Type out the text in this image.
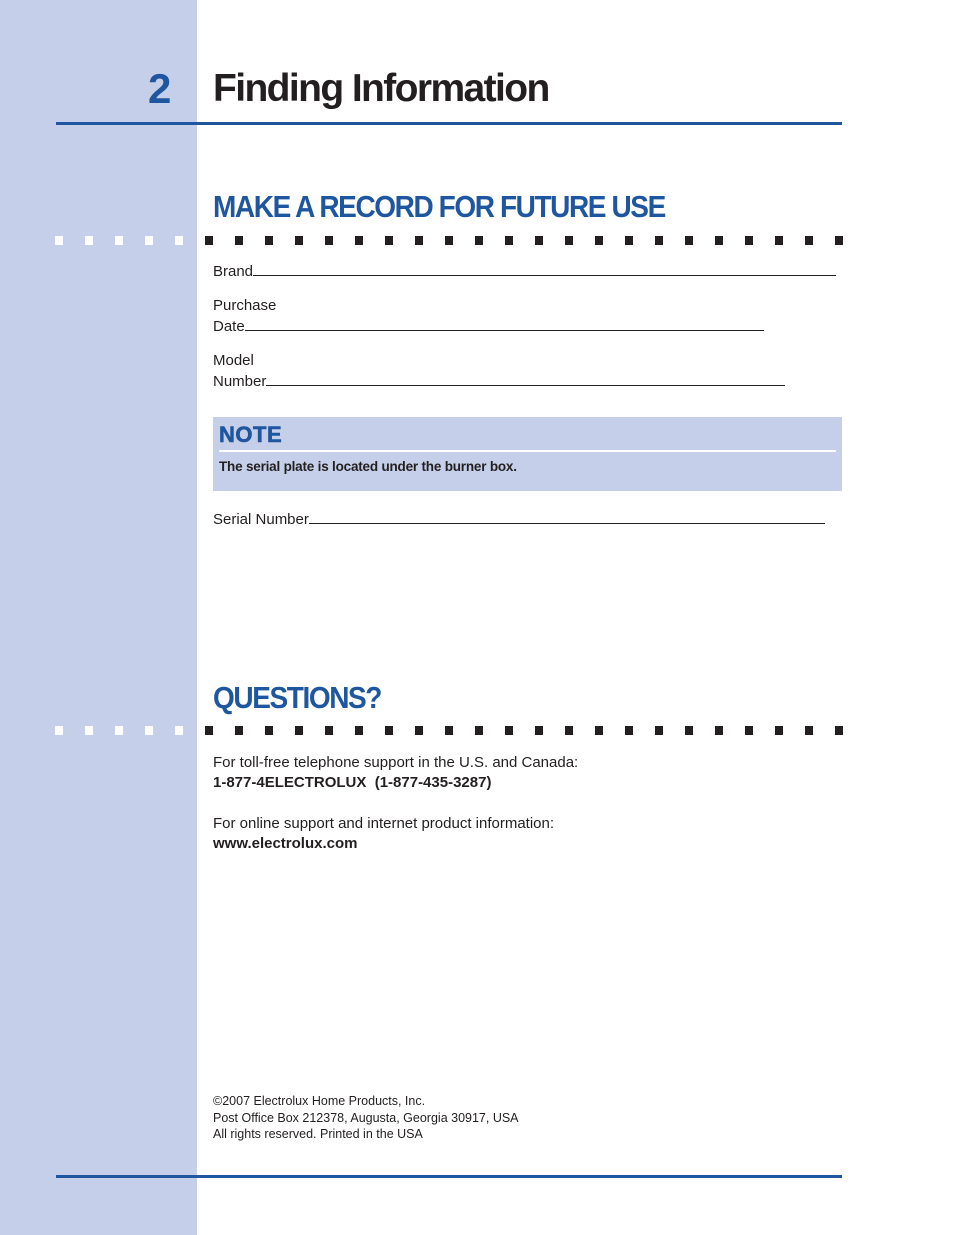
2	Finding Information
MAKE A RECORD FOR FUTURE USE
Brand
Purchase
Date
Model
Number
NOTE
The serial plate is located under the burner box.
Serial Number
QUESTIONS?
For toll-free telephone support in the U.S. and Canada:
1-877-4ELECTROLUX  (1-877-435-3287)
For online support and internet product information:
www.electrolux.com
©2007 Electrolux Home Products, Inc.
Post Office Box 212378, Augusta, Georgia 30917, USA
All rights reserved. Printed in the USA
